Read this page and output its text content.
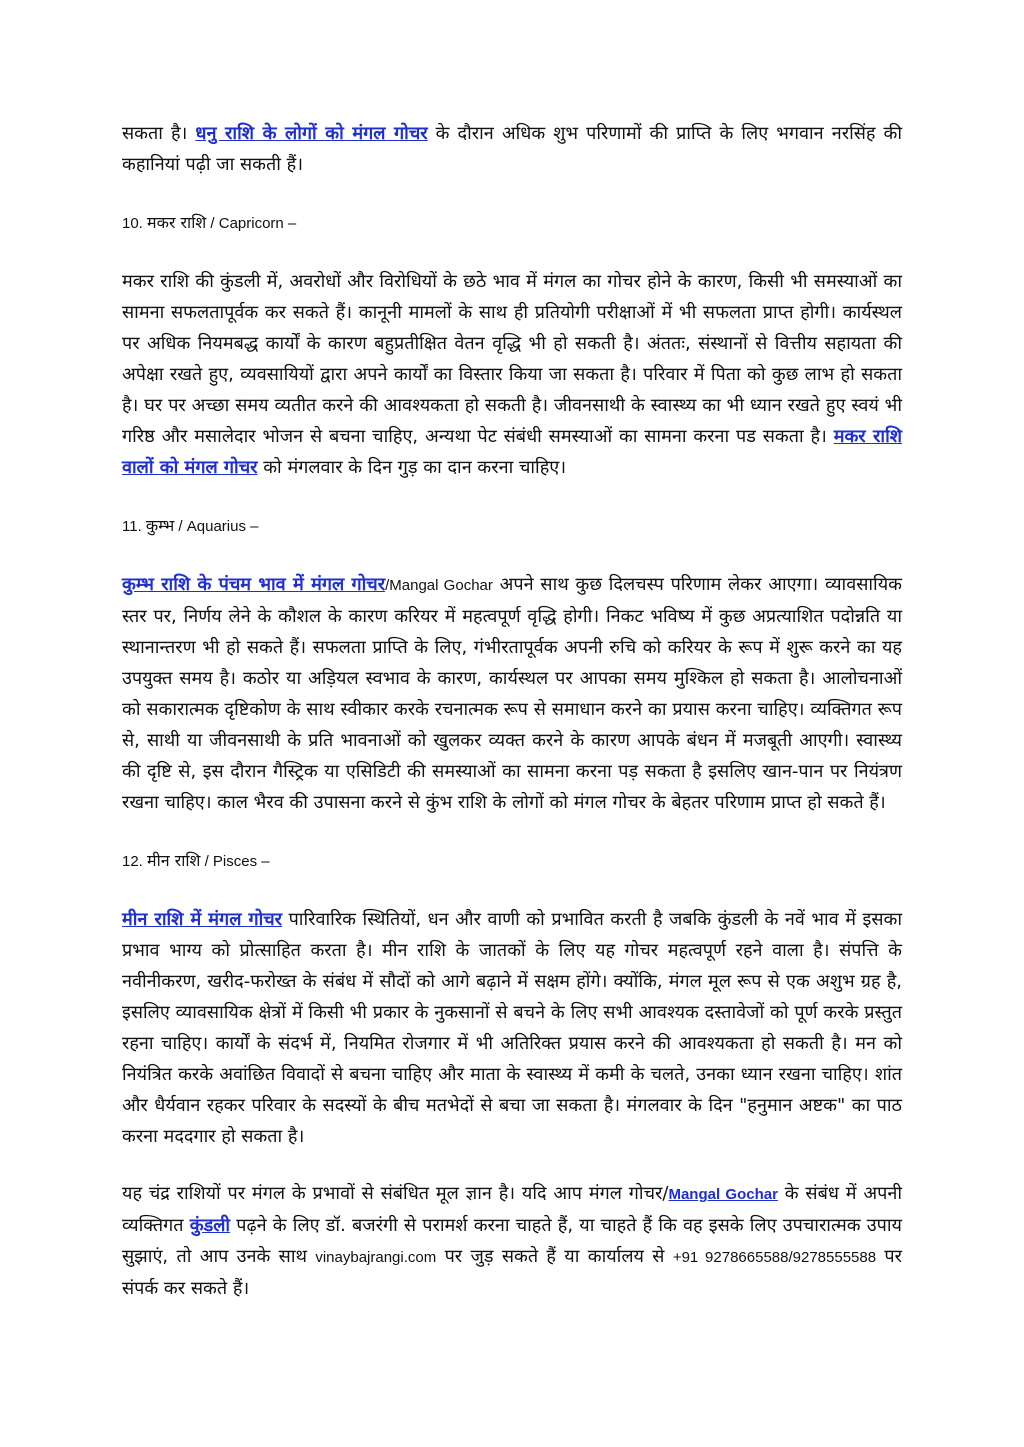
सकता है। धनु राशि के लोगों को मंगल गोचर के दौरान अधिक शुभ परिणामों की प्राप्ति के लिए भगवान नरसिंह की कहानियां पढ़ी जा सकती हैं।

10. मकर राशि / Capricorn –

मकर राशि की कुंडली में, अवरोधों और विरोधियों के छठे भाव में मंगल का गोचर होने के कारण, किसी भी समस्याओं का सामना सफलतापूर्वक कर सकते हैं। कानूनी मामलों के साथ ही प्रतियोगी परीक्षाओं में भी सफलता प्राप्त होगी। कार्यस्थल पर अधिक नियमबद्ध कार्यों के कारण बहुप्रतीक्षित वेतन वृद्धि भी हो सकती है। अंततः, संस्थानों से वित्तीय सहायता की अपेक्षा रखते हुए, व्यवसायियों द्वारा अपने कार्यों का विस्तार किया जा सकता है। परिवार में पिता को कुछ लाभ हो सकता है। घर पर अच्छा समय व्यतीत करने की आवश्यकता हो सकती है। जीवनसाथी के स्वास्थ्य का भी ध्यान रखते हुए स्वयं भी गरिष्ठ और मसालेदार भोजन से बचना चाहिए, अन्यथा पेट संबंधी समस्याओं का सामना करना पड सकता है। मकर राशि वालों को मंगल गोचर को मंगलवार के दिन गुड़ का दान करना चाहिए।

11. कुम्भ / Aquarius –

कुम्भ राशि के पंचम भाव में मंगल गोचर/Mangal Gochar अपने साथ कुछ दिलचस्प परिणाम लेकर आएगा। व्यावसायिक स्तर पर, निर्णय लेने के कौशल के कारण करियर में महत्वपूर्ण वृद्धि होगी। निकट भविष्य में कुछ अप्रत्याशित पदोन्नति या स्थानान्तरण भी हो सकते हैं। सफलता प्राप्ति के लिए, गंभीरतापूर्वक अपनी रुचि को करियर के रूप में शुरू करने का यह उपयुक्त समय है। कठोर या अड़ियल स्वभाव के कारण, कार्यस्थल पर आपका समय मुश्किल हो सकता है। आलोचनाओं को सकारात्मक दृष्टिकोण के साथ स्वीकार करके रचनात्मक रूप से समाधान करने का प्रयास करना चाहिए। व्यक्तिगत रूप से, साथी या जीवनसाथी के प्रति भावनाओं को खुलकर व्यक्त करने के कारण आपके बंधन में मजबूती आएगी। स्वास्थ्य की दृष्टि से, इस दौरान गैस्ट्रिक या एसिडिटी की समस्याओं का सामना करना पड़ सकता है इसलिए खान-पान पर नियंत्रण रखना चाहिए। काल भैरव की उपासना करने से कुंभ राशि के लोगों को मंगल गोचर के बेहतर परिणाम प्राप्त हो सकते हैं।

12. मीन राशि / Pisces –

मीन राशि में मंगल गोचर पारिवारिक स्थितियों, धन और वाणी को प्रभावित करती है जबकि कुंडली के नवें भाव में इसका प्रभाव भाग्य को प्रोत्साहित करता है। मीन राशि के जातकों के लिए यह गोचर महत्वपूर्ण रहने वाला है। संपत्ति के नवीनीकरण, खरीद-फरोख्त के संबंध में सौदों को आगे बढ़ाने में सक्षम होंगे। क्योंकि, मंगल मूल रूप से एक अशुभ ग्रह है, इसलिए व्यावसायिक क्षेत्रों में किसी भी प्रकार के नुकसानों से बचने के लिए सभी आवश्यक दस्तावेजों को पूर्ण करके प्रस्तुत रहना चाहिए। कार्यों के संदर्भ में, नियमित रोजगार में भी अतिरिक्त प्रयास करने की आवश्यकता हो सकती है। मन को नियंत्रित करके अवांछित विवादों से बचना चाहिए और माता के स्वास्थ्य में कमी के चलते, उनका ध्यान रखना चाहिए। शांत और धैर्यवान रहकर परिवार के सदस्यों के बीच मतभेदों से बचा जा सकता है। मंगलवार के दिन "हनुमान अष्टक" का पाठ करना मददगार हो सकता है।

यह चंद्र राशियों पर मंगल के प्रभावों से संबंधित मूल ज्ञान है। यदि आप मंगल गोचर/Mangal Gochar के संबंध में अपनी व्यक्तिगत कुंडली पढ़ने के लिए डॉ. बजरंगी से परामर्श करना चाहते हैं, या चाहते हैं कि वह इसके लिए उपचारात्मक उपाय सुझाएं, तो आप उनके साथ vinaybajrangi.com पर जुड़ सकते हैं या कार्यालय से +91 9278665588/9278555588 पर संपर्क कर सकते हैं।
